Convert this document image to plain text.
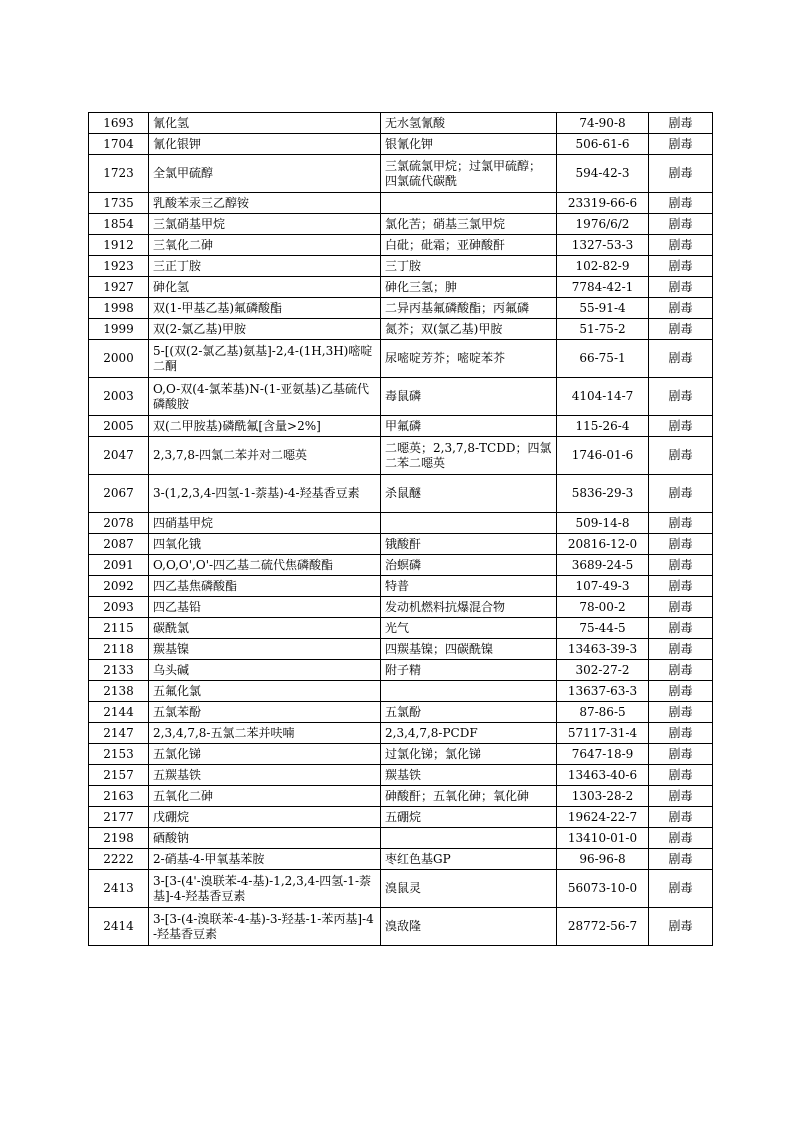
1693	氰化氢	无水氢氰酸	74-90-8	剧毒
1704	氰化银钾	银氰化钾	506-61-6	剧毒
1723	全氯甲硫醇	三氯硫氯甲烷；过氯甲硫醇；四氯硫代碳酰	594-42-3	剧毒
1735	乳酸苯汞三乙醇铵		23319-66-6	剧毒
1854	三氯硝基甲烷	氯化苦；硝基三氯甲烷	1976/6/2	剧毒
1912	三氧化二砷	白砒；砒霜；亚砷酸酐	1327-53-3	剧毒
1923	三正丁胺	三丁胺	102-82-9	剧毒
1927	砷化氢	砷化三氢；胂	7784-42-1	剧毒
1998	双(1-甲基乙基)氟磷酸酯	二异丙基氟磷酸酯；丙氟磷	55-91-4	剧毒
1999	双(2-氯乙基)甲胺	氮芥；双(氯乙基)甲胺	51-75-2	剧毒
2000	5-[(双(2-氯乙基)氨基]-2,4-(1H,3H)嘧啶二酮	尿嘧啶芳芥；嘧啶苯芥	66-75-1	剧毒
2003	O,O-双(4-氯苯基)N-(1-亚氨基)乙基硫代磷酸胺	毒鼠磷	4104-14-7	剧毒
2005	双(二甲胺基)磷酰氟[含量>2%]	甲氟磷	115-26-4	剧毒
2047	2,3,7,8-四氯二苯并对二噁英	二噁英；2,3,7,8-TCDD；四氯二苯二噁英	1746-01-6	剧毒
2067	3-(1,2,3,4-四氢-1-萘基)-4-羟基香豆素	杀鼠醚	5836-29-3	剧毒
2078	四硝基甲烷		509-14-8	剧毒
2087	四氧化锇	锇酸酐	20816-12-0	剧毒
2091	O,O,O',O'-四乙基二硫代焦磷酸酯	治螟磷	3689-24-5	剧毒
2092	四乙基焦磷酸酯	特普	107-49-3	剧毒
2093	四乙基铅	发动机燃料抗爆混合物	78-00-2	剧毒
2115	碳酰氯	光气	75-44-5	剧毒
2118	羰基镍	四羰基镍；四碳酰镍	13463-39-3	剧毒
2133	乌头碱	附子精	302-27-2	剧毒
2138	五氟化氯		13637-63-3	剧毒
2144	五氯苯酚	五氯酚	87-86-5	剧毒
2147	2,3,4,7,8-五氯二苯并呋喃	2,3,4,7,8-PCDF	57117-31-4	剧毒
2153	五氯化锑	过氯化锑；氯化锑	7647-18-9	剧毒
2157	五羰基铁	羰基铁	13463-40-6	剧毒
2163	五氧化二砷	砷酸酐；五氧化砷；氧化砷	1303-28-2	剧毒
2177	戊硼烷	五硼烷	19624-22-7	剧毒
2198	硒酸钠		13410-01-0	剧毒
2222	2-硝基-4-甲氧基苯胺	枣红色基GP	96-96-8	剧毒
2413	3-[3-(4'-溴联苯-4-基)-1,2,3,4-四氢-1-萘基]-4-羟基香豆素	溴鼠灵	56073-10-0	剧毒
2414	3-[3-(4-溴联苯-4-基)-3-羟基-1-苯丙基]-4-羟基香豆素	溴敌隆	28772-56-7	剧毒
